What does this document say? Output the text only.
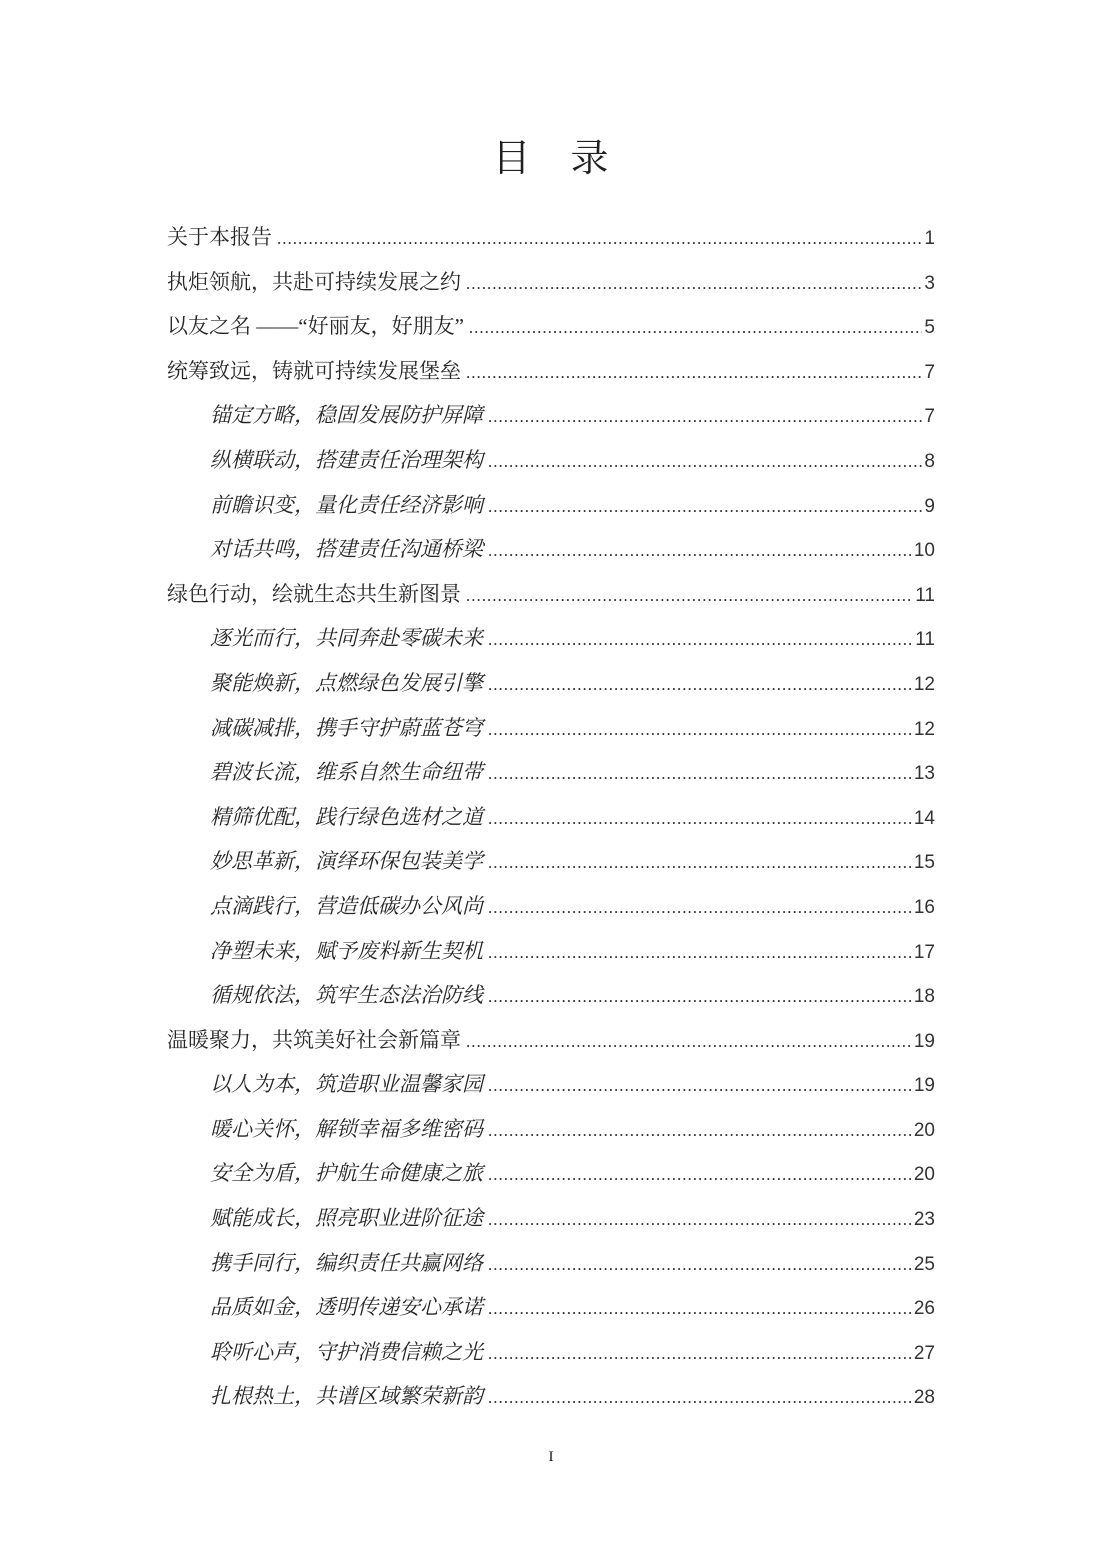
目　录
关于本报告 .....	1
执炬领航，共赴可持续发展之约 .....	3
以友之名 ——“好丽友，好朋友” .....	5
统筹致远，铸就可持续发展堡垒 .....	7
锚定方略，稳固发展防护屏障 .....	7
纵横联动，搭建责任治理架构 .....	8
前瞻识变，量化责任经济影响 .....	9
对话共鸣，搭建责任沟通桥梁 .....	10
绿色行动，绘就生态共生新图景 .....	11
逐光而行，共同奔赴零碳未来 .....	11
聚能焕新，点燃绿色发展引擎 .....	12
减碳减排，携手守护蔚蓝苍穹 .....	12
碧波长流，维系自然生命纽带 .....	13
精筛优配，践行绿色选材之道 .....	14
妙思革新，演绎环保包装美学 .....	15
点滴践行，营造低碳办公风尚 .....	16
净塑未来，赋予废料新生契机 .....	17
循规依法，筑牢生态法治防线 .....	18
温暖聚力，共筑美好社会新篇章 .....	19
以人为本，筑造职业温馨家园 .....	19
暖心关怀，解锁幸福多维密码 .....	20
安全为盾，护航生命健康之旅 .....	20
赋能成长，照亮职业进阶征途 .....	23
携手同行，编织责任共赢网络 .....	25
品质如金，透明传递安心承诺 .....	26
聆听心声，守护消费信赖之光 .....	27
扎根热土，共谱区域繁荣新韵 .....	28
I
